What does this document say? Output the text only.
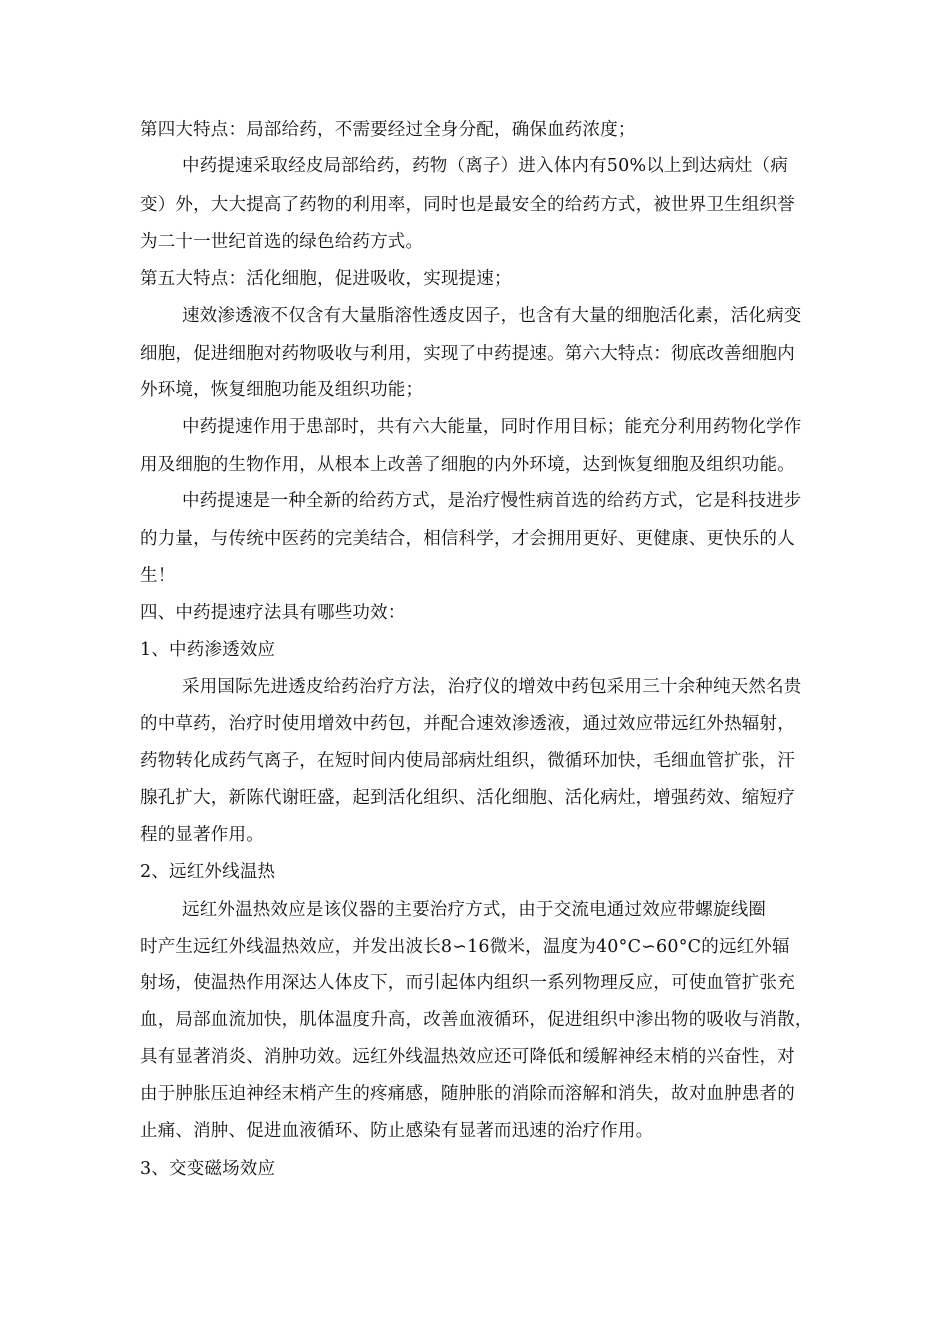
第四大特点：局部给药，不需要经过全身分配，确保血药浓度；
中药提速采取经皮局部给药，药物（离子）进入体内有50%以上到达病灶（病
变）外，大大提高了药物的利用率，同时也是最安全的给药方式，被世界卫生组织誉
为二十一世纪首选的绿色给药方式。
第五大特点：活化细胞，促进吸收，实现提速；
速效渗透液不仅含有大量脂溶性透皮因子，也含有大量的细胞活化素，活化病变
细胞，促进细胞对药物吸收与利用，实现了中药提速。第六大特点：彻底改善细胞内
外环境，恢复细胞功能及组织功能；
中药提速作用于患部时，共有六大能量，同时作用目标；能充分利用药物化学作
用及细胞的生物作用，从根本上改善了细胞的内外环境，达到恢复细胞及组织功能。
中药提速是一种全新的给药方式，是治疗慢性病首选的给药方式，它是科技进步
的力量，与传统中医药的完美结合，相信科学，才会拥用更好、更健康、更快乐的人
生！
四、中药提速疗法具有哪些功效：
1、中药渗透效应
采用国际先进透皮给药治疗方法，治疗仪的增效中药包采用三十余种纯天然名贵
的中草药，治疗时使用增效中药包，并配合速效渗透液，通过效应带远红外热辐射，
药物转化成药气离子，在短时间内使局部病灶组织，微循环加快，毛细血管扩张，汗
腺孔扩大，新陈代谢旺盛，起到活化组织、活化细胞、活化病灶，增强药效、缩短疗
程的显著作用。
2、远红外线温热
远红外温热效应是该仪器的主要治疗方式，由于交流电通过效应带螺旋线圈
时产生远红外线温热效应，并发出波长8∽16微米，温度为40°C∽60°C的远红外辐
射场，使温热作用深达人体皮下，而引起体内组织一系列物理反应，可使血管扩张充
血，局部血流加快，肌体温度升高，改善血液循环，促进组织中渗出物的吸收与消散，
具有显著消炎、消肿功效。远红外线温热效应还可降低和缓解神经末梢的兴奋性，对
由于肿胀压迫神经末梢产生的疼痛感，随肿胀的消除而溶解和消失，故对血肿患者的
止痛、消肿、促进血液循环、防止感染有显著而迅速的治疗作用。
3、交变磁场效应
